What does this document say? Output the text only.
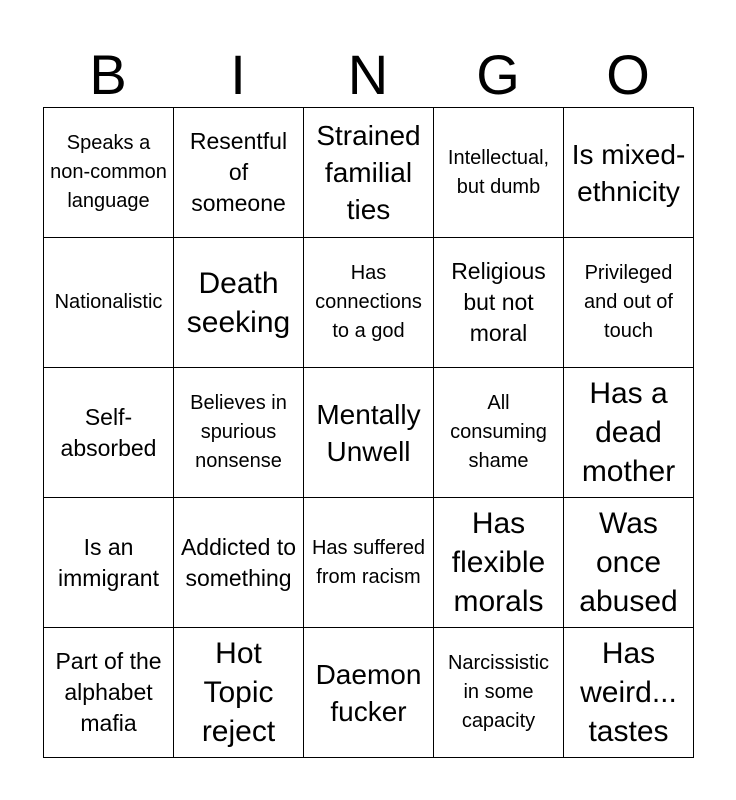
B	I	N	G	O
Speaks a non-common language	Resentful of someone	Strained familial ties	Intellectual, but dumb	Is mixed-ethnicity

Nationalistic	Death seeking	Has connections to a god	Religious but not moral	Privileged and out of touch

Self-absorbed	Believes in spurious nonsense	Mentally Unwell	All consuming shame	Has a dead mother

Is an immigrant	Addicted to something	Has suffered from racism	Has flexible morals	Was once abused

Part of the alphabet mafia	Hot Topic reject	Daemon fucker	Narcissistic in some capacity	Has weird... tastes
